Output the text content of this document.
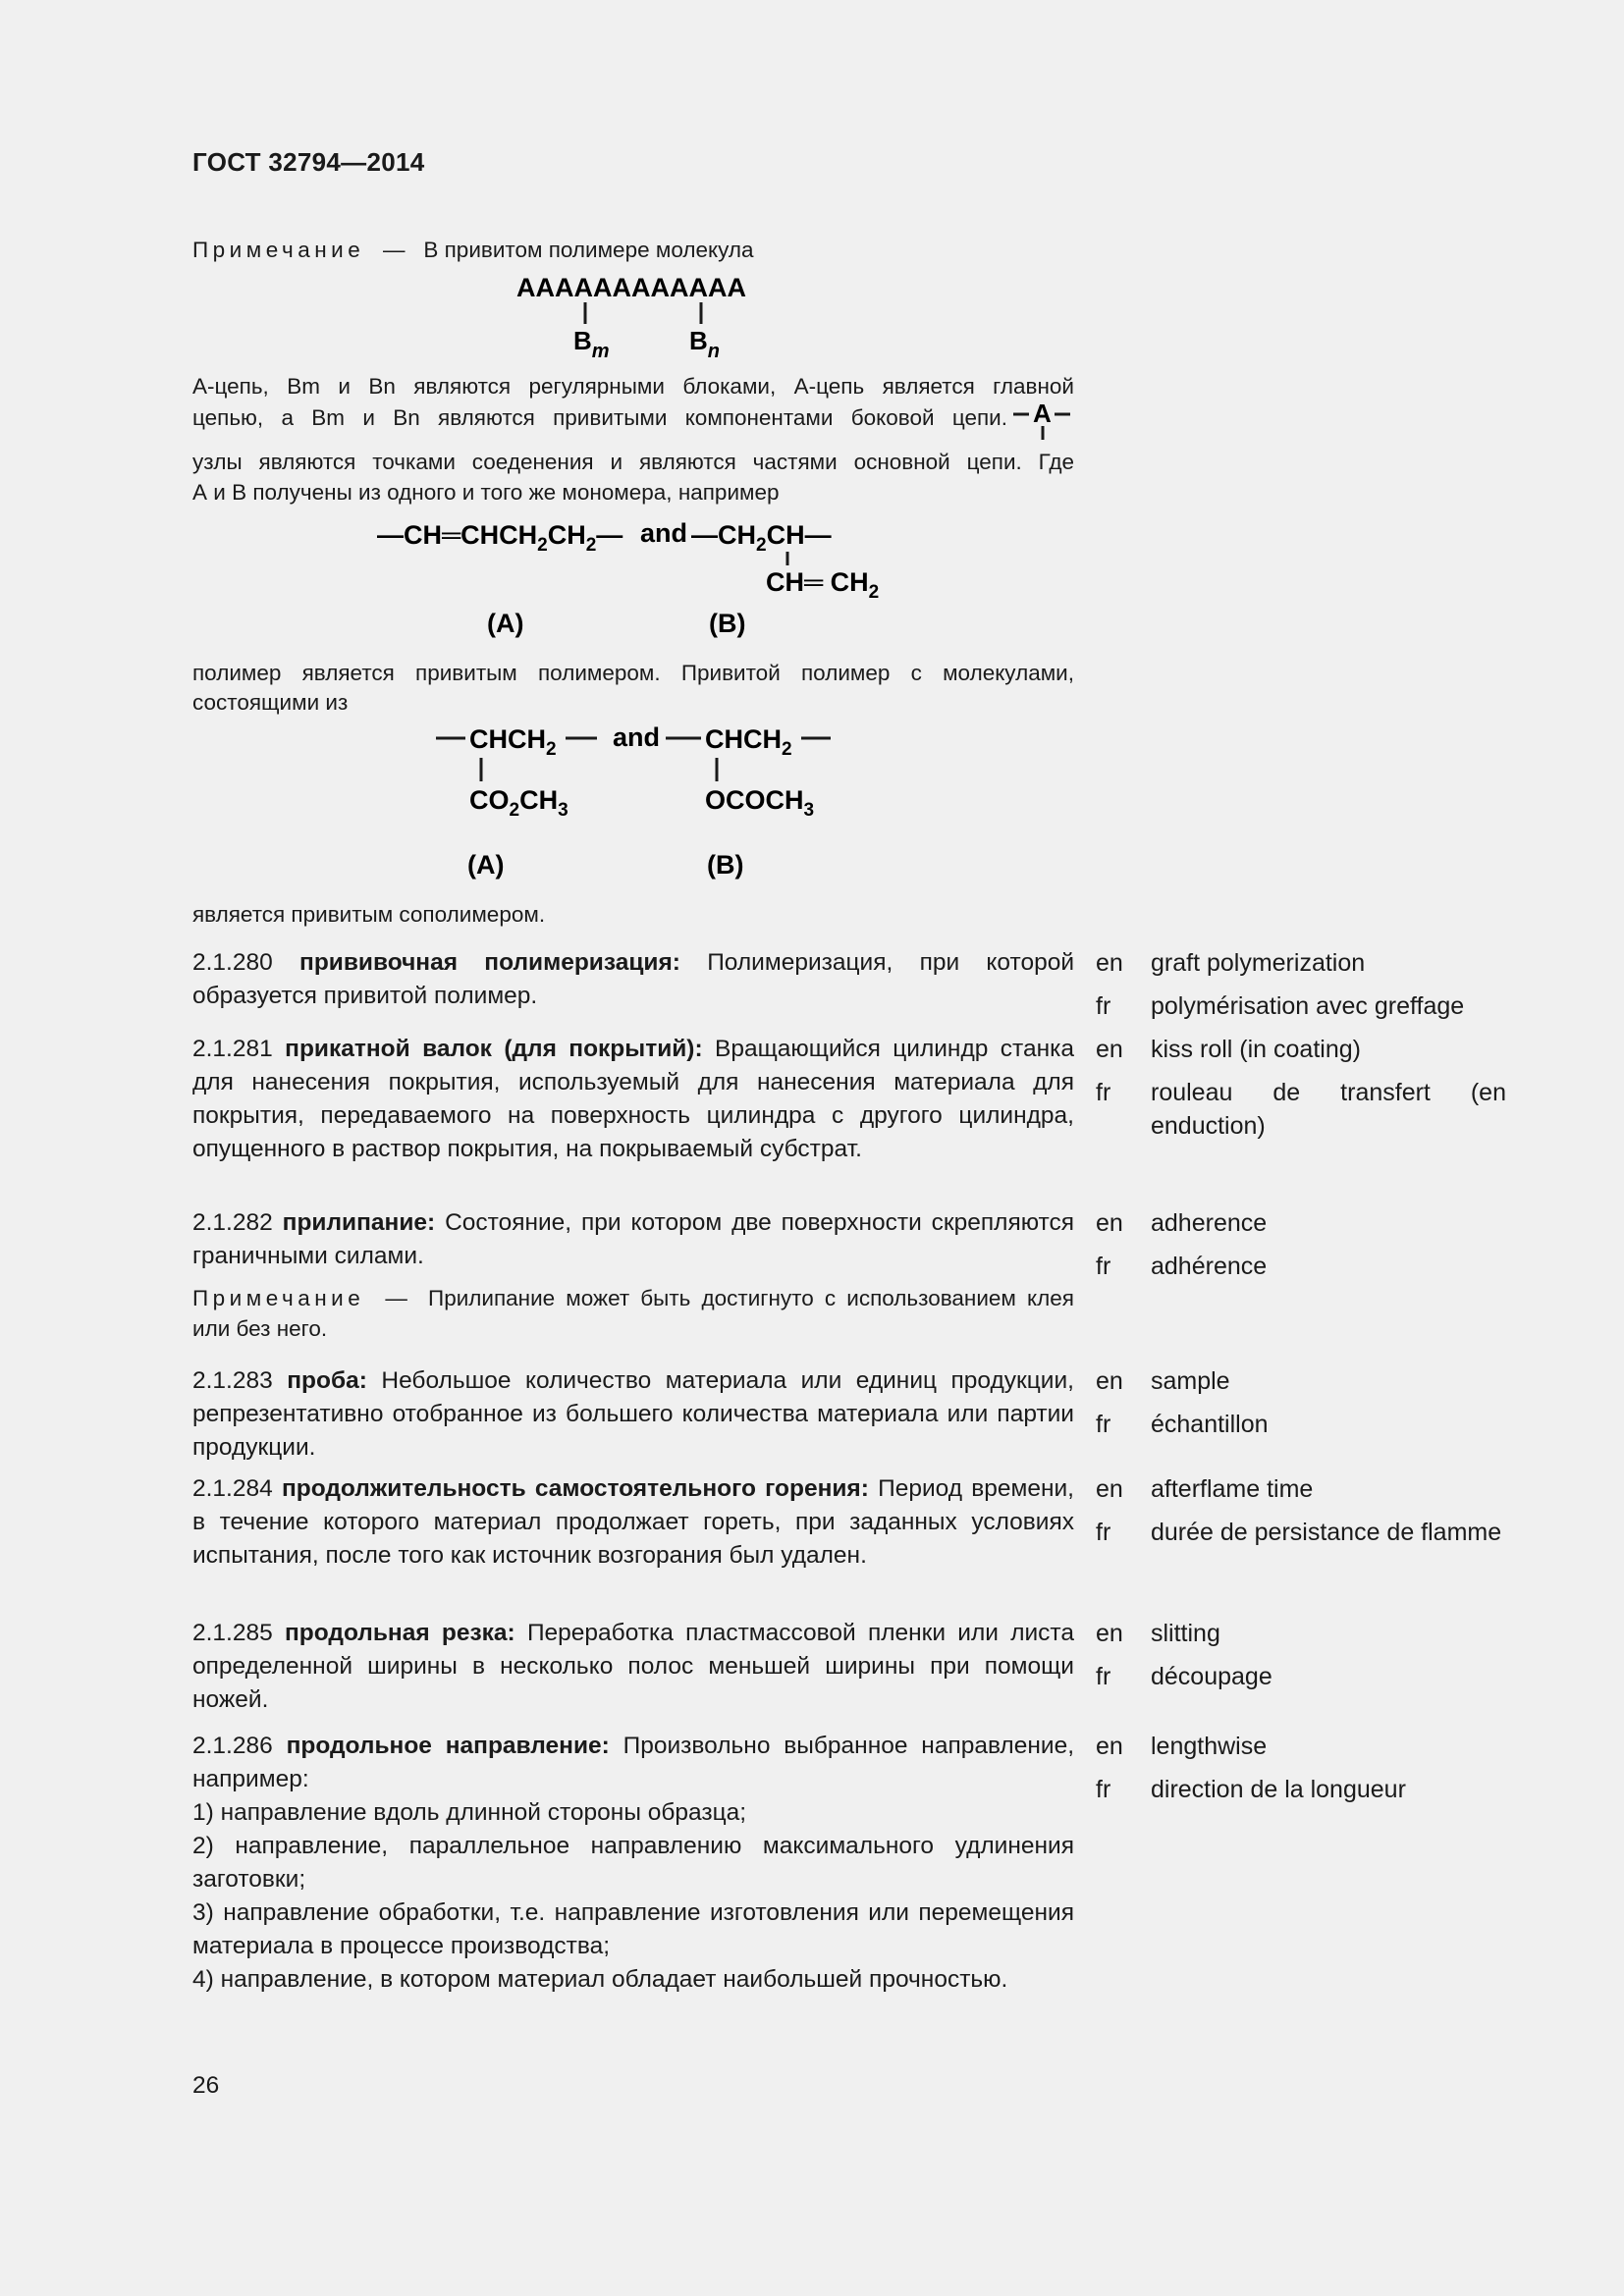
ГОСТ 32794—2014
Примечание — В привитом полимере молекула
AAAAAAAAAAAA
$B_m$	$B_n$
А-цепь, Bm и Bn являются регулярными блоками, А-цепь является главной
цепью, а Bm и Bn являются привитыми компонентами боковой цепи. A
узлы являются точками соеденения и являются частями основной цепи. Где
А и В получены из одного и того же мономера, например
$—CH═CHCH_2CH_2—$ and $—CH_2CH—$
CH═ $CH_2$
(A)	(B)
полимер является привитым полимером. Привитой полимер с молекулами,
состоящими из
$CHCH_2$ and $CHCH_2$
$CO_2CH_3$	$OCOCH_3$
(A)	(B)
является привитым сополимером.

2.1.280 прививочная полимеризация: Полимеризация, при которой образуется привитой полимер.

en	graft polymerization
fr	polymérisation avec greffage

2.1.281 прикатной валок (для покрытий): Вращающийся цилиндр станка для нанесения покрытия, используемый для нанесения материала для покрытия, передаваемого на поверхность цилиндра с другого цилиндра, опущенного в раствор покрытия, на покрываемый субстрат.

en	kiss roll (in coating)
fr	rouleau de transfert (en enduction)

2.1.282 прилипание: Состояние, при котором две поверхности скрепляются граничными силами.

Примечание — Прилипание может быть достигнуто с использованием клея или без него.

en	adherence
fr	adhérence

2.1.283 проба: Небольшое количество материала или единиц продукции, репрезентативно отобранное из большего количества материала или партии продукции.

en	sample
fr	échantillon

2.1.284 продолжительность самостоятельного горения: Период времени, в течение которого материал продолжает гореть, при заданных условиях испытания, после того как источник возгорания был удален.

en	afterflame time
fr	durée de persistance de flamme

2.1.285 продольная резка: Переработка пластмассовой пленки или листа определенной ширины в несколько полос меньшей ширины при помощи ножей.

en	slitting
fr	découpage

2.1.286 продольное направление: Произвольно выбранное направление, например:

1) направление вдоль длинной стороны образца;

2) направление, параллельное направлению максимального удлинения заготовки;

3) направление обработки, т.е. направление изготовления или перемещения материала в процессе производства;

4) направление, в котором материал обладает наибольшей прочностью.

en	lengthwise
fr	direction de la longueur
26
